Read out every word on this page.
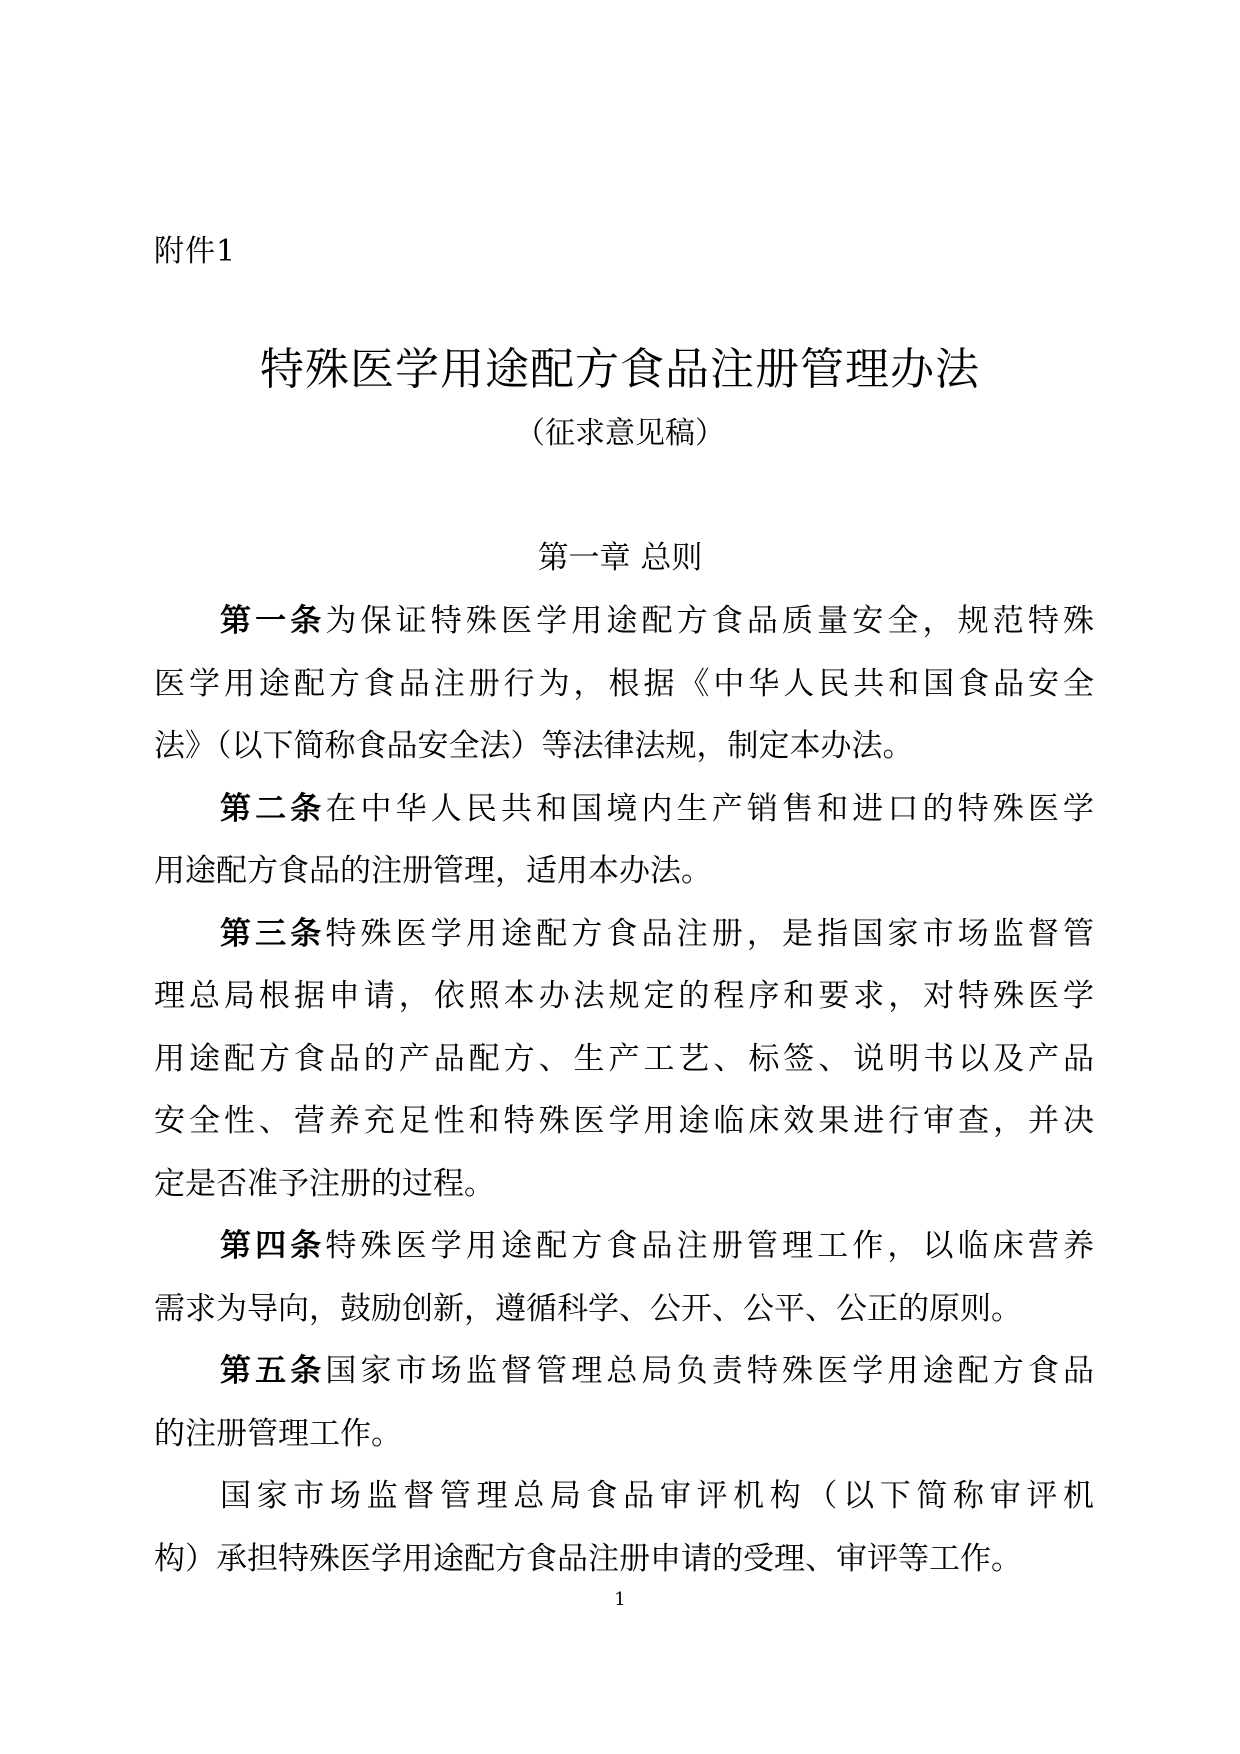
附件1
特殊医学用途配方食品注册管理办法
（征求意见稿）
第一章 总则
第一条为保证特殊医学用途配方食品质量安全，规范特殊
医学用途配方食品注册行为，根据《中华人民共和国食品安全
法》（以下简称食品安全法）等法律法规，制定本办法。
第二条在中华人民共和国境内生产销售和进口的特殊医学
用途配方食品的注册管理，适用本办法。
第三条特殊医学用途配方食品注册，是指国家市场监督管
理总局根据申请，依照本办法规定的程序和要求，对特殊医学
用途配方食品的产品配方、生产工艺、标签、说明书以及产品
安全性、营养充足性和特殊医学用途临床效果进行审查，并决
定是否准予注册的过程。
第四条特殊医学用途配方食品注册管理工作，以临床营养
需求为导向，鼓励创新，遵循科学、公开、公平、公正的原则。
第五条国家市场监督管理总局负责特殊医学用途配方食品
的注册管理工作。
国家市场监督管理总局食品审评机构（以下简称审评机
构）承担特殊医学用途配方食品注册申请的受理、审评等工作。
1
